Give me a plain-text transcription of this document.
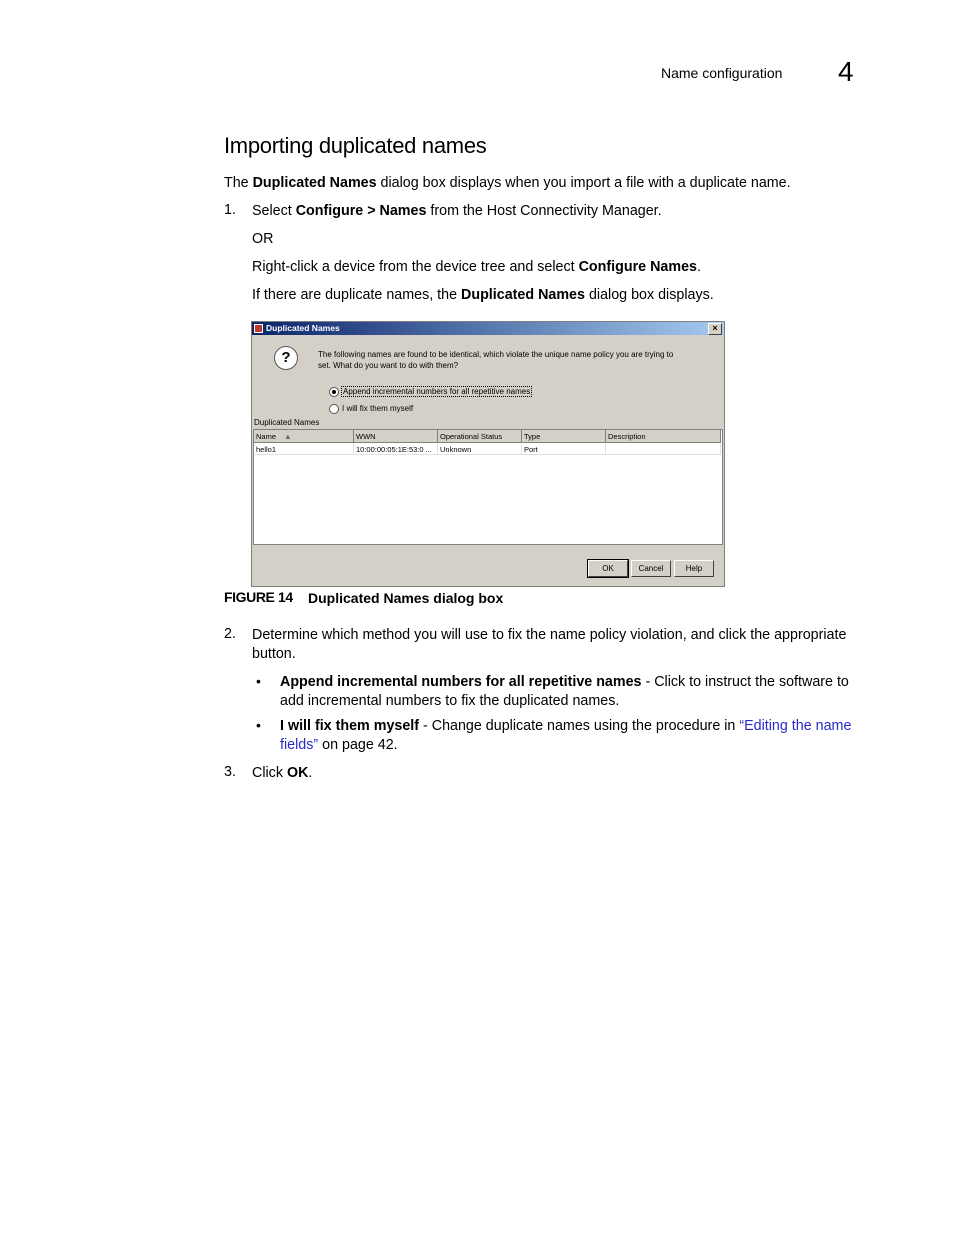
Name configuration 4
Importing duplicated names

The Duplicated Names dialog box displays when you import a file with a duplicate name.

1. Select Configure > Names from the Host Connectivity Manager.

OR

Right-click a device from the device tree and select Configure Names.

If there are duplicate names, the Duplicated Names dialog box displays.

Duplicated Names	×
?	The following names are found to be identical, which violate the unique name policy you are trying to set. What do you want to do with them?
Append incremental numbers for all repetitive names
I will fix them myself
Duplicated Names
Name ▲	WWN	Operational Status	Type	Description
hello1	10:00:00:05:1E:53:0 ...	Unknown	Port
OK	Cancel	Help
FIGURE 14 Duplicated Names dialog box
2. Determine which method you will use to fix the name policy violation, and click the appropriate button.

• Append incremental numbers for all repetitive names - Click to instruct the software to add incremental numbers to fix the duplicated names.

• I will fix them myself - Change duplicate names using the procedure in “Editing the name fields” on page 42.

3. Click OK.
